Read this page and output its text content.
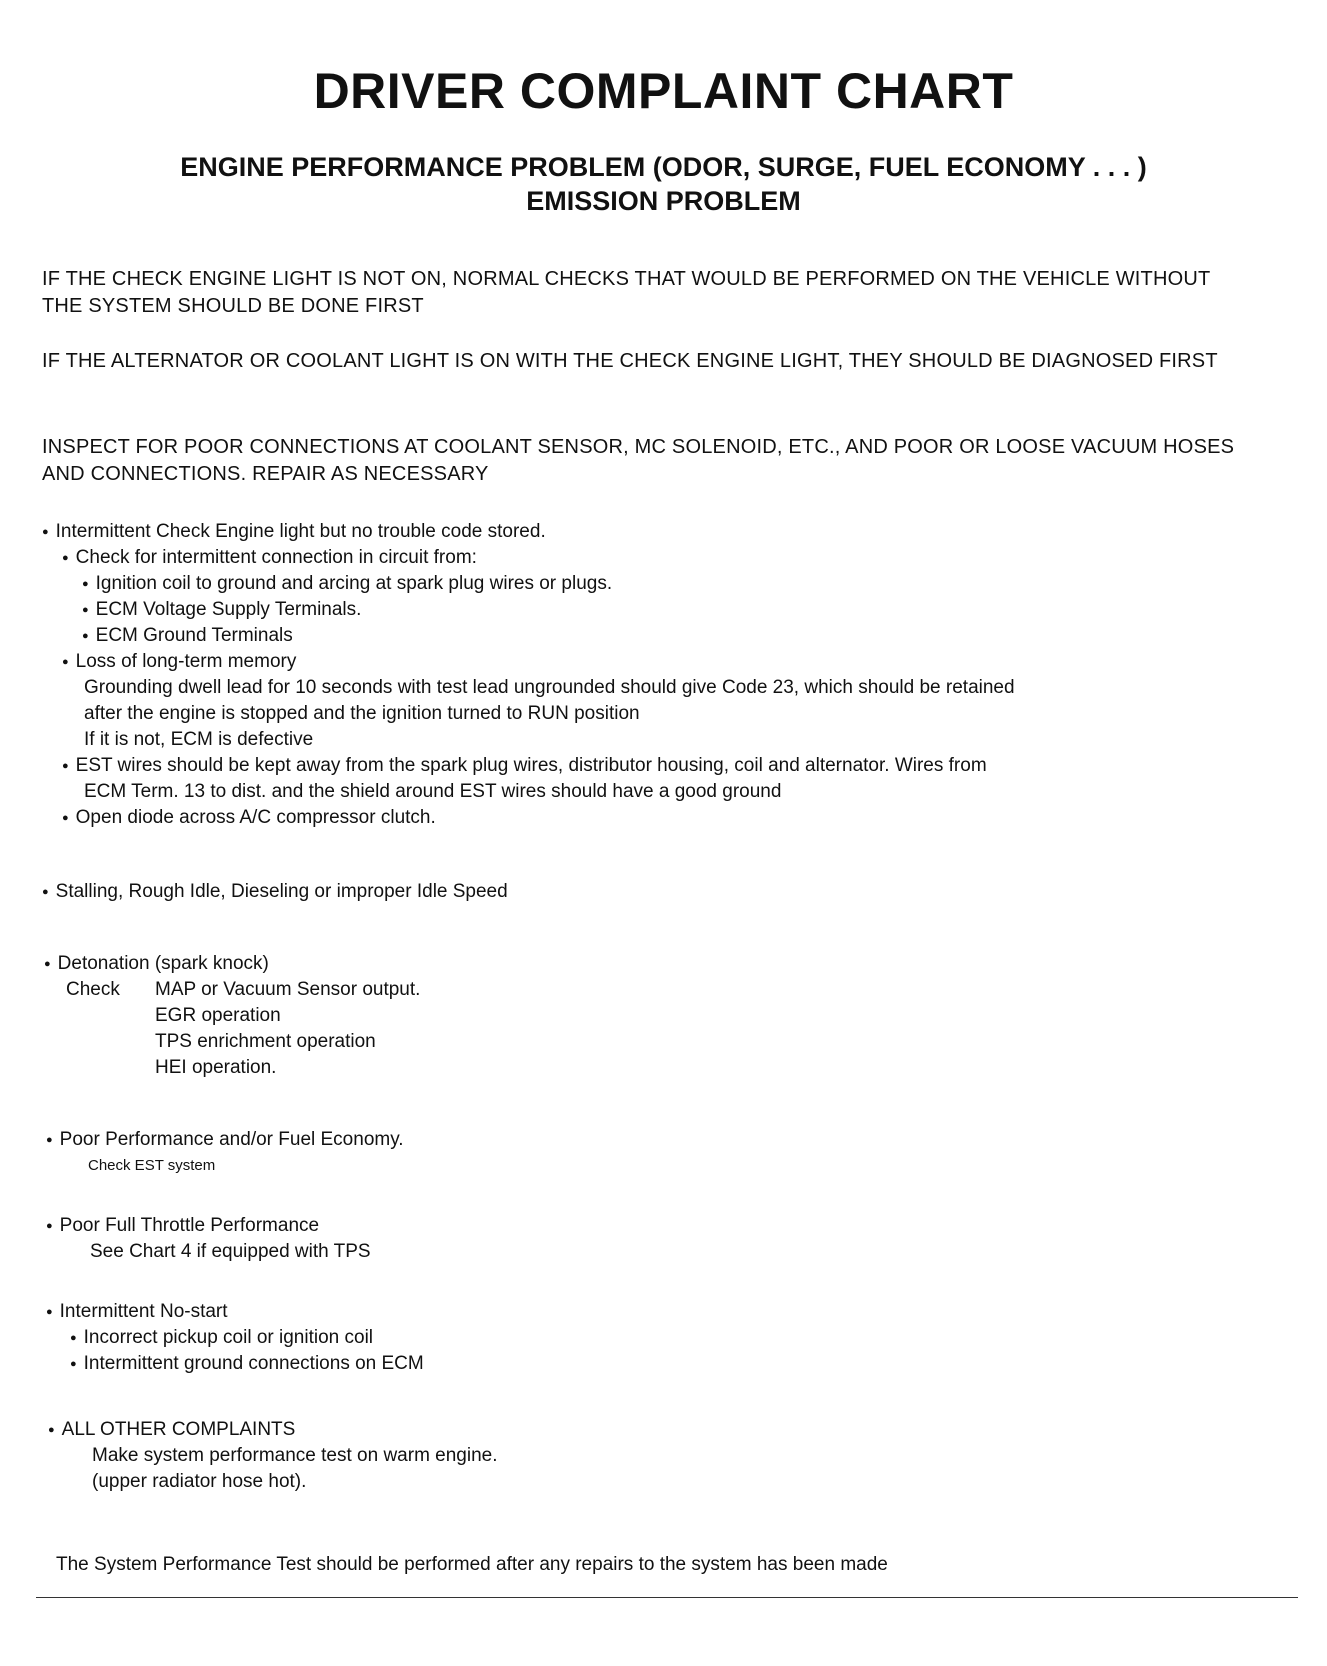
DRIVER COMPLAINT CHART
ENGINE PERFORMANCE PROBLEM (ODOR, SURGE, FUEL ECONOMY . . . )
EMISSION PROBLEM

IF THE CHECK ENGINE LIGHT IS NOT ON, NORMAL CHECKS THAT WOULD BE PERFORMED ON THE VEHICLE WITHOUT THE SYSTEM SHOULD BE DONE FIRST

IF THE ALTERNATOR OR COOLANT LIGHT IS ON WITH THE CHECK ENGINE LIGHT, THEY SHOULD BE DIAGNOSED FIRST

INSPECT FOR POOR CONNECTIONS AT COOLANT SENSOR, MC SOLENOID, ETC., AND POOR OR LOOSE VACUUM HOSES AND CONNECTIONS. REPAIR AS NECESSARY

● Intermittent Check Engine light but no trouble code stored.
● Check for intermittent connection in circuit from:
● Ignition coil to ground and arcing at spark plug wires or plugs.
● ECM Voltage Supply Terminals.
● ECM Ground Terminals
● Loss of long-term memory
Grounding dwell lead for 10 seconds with test lead ungrounded should give Code 23, which should be retained
after the engine is stopped and the ignition turned to RUN position
If it is not, ECM is defective
● EST wires should be kept away from the spark plug wires, distributor housing, coil and alternator. Wires from
ECM Term. 13 to dist. and the shield around EST wires should have a good ground
● Open diode across A/C compressor clutch.
● Stalling, Rough Idle, Dieseling or improper Idle Speed
● Detonation (spark knock)
Check MAP or Vacuum Sensor output.
EGR operation
TPS enrichment operation
HEI operation.
● Poor Performance and/or Fuel Economy.
Check EST system
● Poor Full Throttle Performance
See Chart 4 if equipped with TPS
● Intermittent No-start
● Incorrect pickup coil or ignition coil
● Intermittent ground connections on ECM
● ALL OTHER COMPLAINTS
Make system performance test on warm engine.
(upper radiator hose hot).
The System Performance Test should be performed after any repairs to the system has been made
